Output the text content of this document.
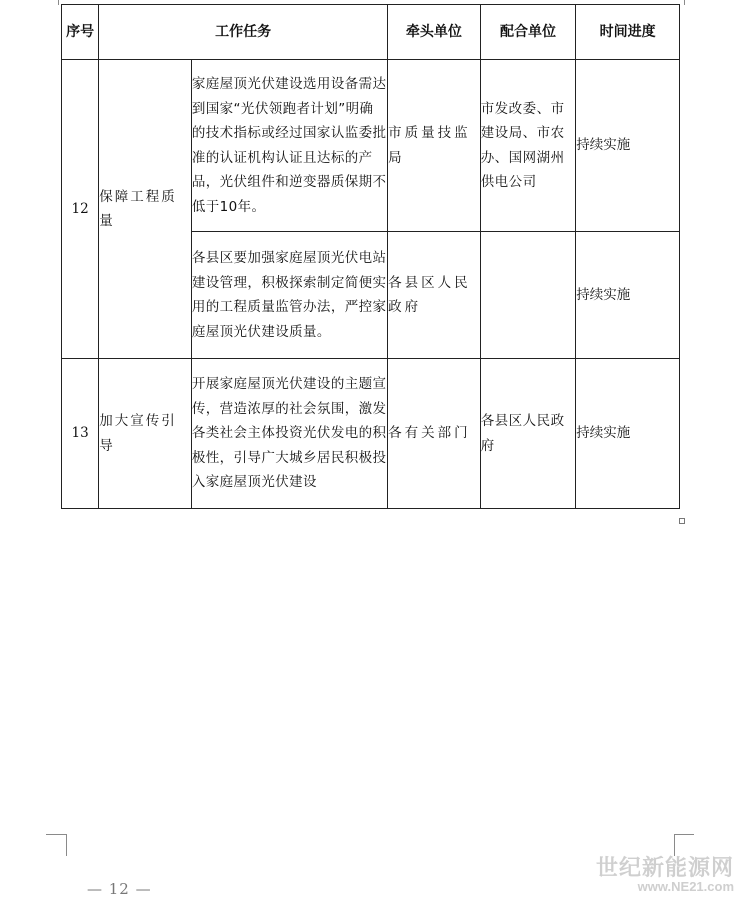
序号	工作任务		牵头单位	配合单位	时间进度
12	保障工程质量	家庭屋顶光伏建设选用设备需达到国家“光伏领跑者计划”明确的技术指标或经过国家认监委批准的认证机构认证且达标的产品，光伏组件和逆变器质保期不低于10年。	市质量技监局	市发改委、市建设局、市农办、国网湖州供电公司	持续实施
		各县区要加强家庭屋顶光伏电站建设管理，积极探索制定简便实用的工程质量监管办法，严控家庭屋顶光伏建设质量。	各县区人民政府		持续实施
13	加大宣传引导	开展家庭屋顶光伏建设的主题宣传，营造浓厚的社会氛围，激发各类社会主体投资光伏发电的积极性，引导广大城乡居民积极投入家庭屋顶光伏建设	各有关部门	各县区人民政府	持续实施
— 12 —
世纪新能源网
www.NE21.com
